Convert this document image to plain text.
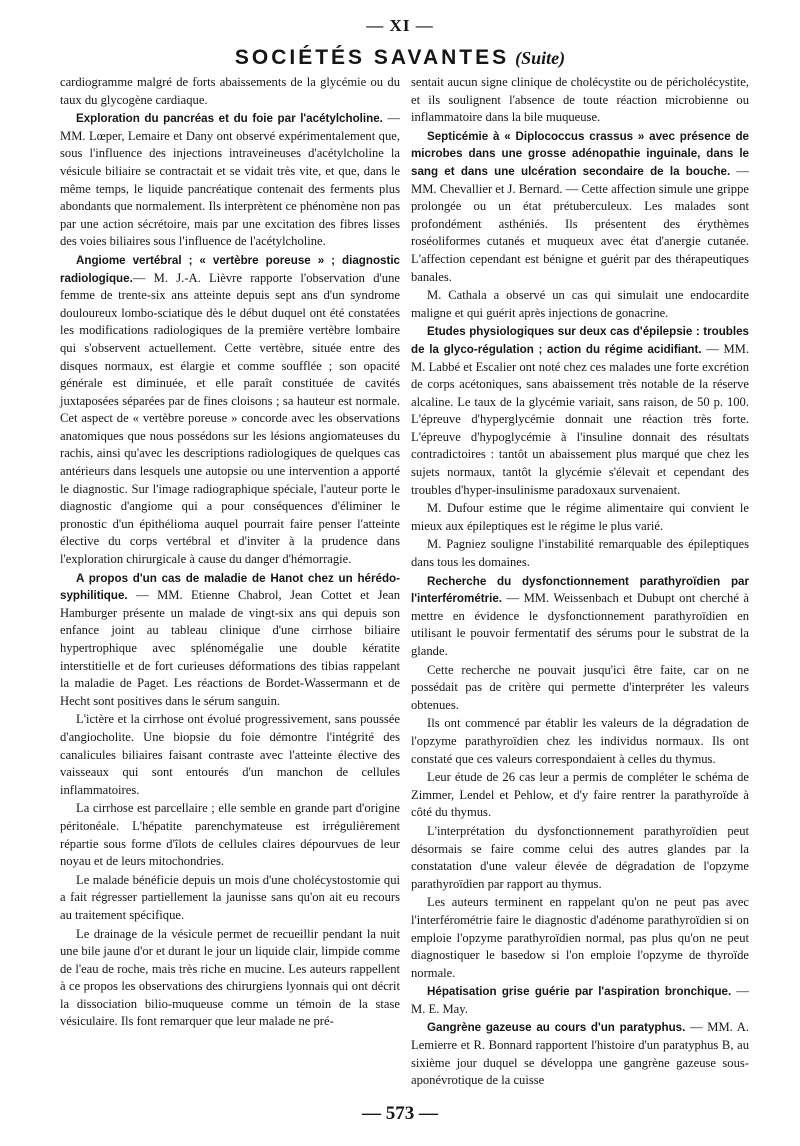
— XI —
SOCIÉTÉS SAVANTES (Suite)

cardiogramme malgré de forts abaissements de la glycémie ou du taux du glycogène cardiaque.

Exploration du pancréas et du foie par l'acétylcholine. — MM. Lœper, Lemaire et Dany ont observé expérimentalement que, sous l'influence des injections intraveineuses d'acétylcholine la vésicule biliaire se contractait et se vidait très vite, et que, dans le même temps, le liquide pancréatique contenait des ferments plus abondants que normalement. Ils interprètent ce phénomène non pas par une action sécrétoire, mais par une excitation des fibres lisses des voies biliaires sous l'influence de l'acétylcholine.

Angiome vertébral ; « vertèbre poreuse » ; diagnostic radiologique.— M. J.-A. Lièvre rapporte l'observation d'une femme de trente-six ans atteinte depuis sept ans d'un syndrome douloureux lombo-sciatique dès le début duquel ont été constatées les modifications radiologiques de la première vertèbre lombaire qui s'observent actuellement. Cette vertèbre, située entre des disques normaux, est élargie et comme soufflée ; son opacité générale est diminuée, et elle paraît constituée de cavités juxtaposées séparées par de fines cloisons ; sa hauteur est normale. Cet aspect de « vertèbre poreuse » concorde avec les observations anatomiques que nous possédons sur les lésions angiomateuses du rachis, ainsi qu'avec les descriptions radiologiques de quelques cas antérieurs dans lesquels une autopsie ou une intervention a apporté le diagnostic. Sur l'image radiographique spéciale, l'auteur porte le diagnostic d'angiome qui a pour conséquences d'éliminer le pronostic d'un épithélioma auquel pourrait faire penser l'atteinte élective du corps vertébral et d'inviter à la prudence dans l'exploration chirurgicale à cause du danger d'hémorragie.

A propos d'un cas de maladie de Hanot chez un hérédo-syphilitique. — MM. Etienne Chabrol, Jean Cottet et Jean Hamburger présente un malade de vingt-six ans qui depuis son enfance joint au tableau clinique d'une cirrhose biliaire hypertrophique avec splénomégalie une double kératite interstitielle et de fort curieuses déformations des tibias rappelant la maladie de Paget. Les réactions de Bordet-Wassermann et de Hecht sont positives dans le sérum sanguin.

L'ictère et la cirrhose ont évolué progressivement, sans poussée d'angiocholite. Une biopsie du foie démontre l'intégrité des canalicules biliaires faisant contraste avec l'atteinte élective des vaisseaux qui sont entourés d'un manchon de cellules inflammatoires.

La cirrhose est parcellaire ; elle semble en grande part d'origine péritonéale. L'hépatite parenchymateuse est irrégulièrement répartie sous forme d'îlots de cellules claires dépourvues de leur noyau et de leurs mitochondries.

Le malade bénéficie depuis un mois d'une cholécystostomie qui a fait régresser partiellement la jaunisse sans qu'on ait eu recours au traitement spécifique.

Le drainage de la vésicule permet de recueillir pendant la nuit une bile jaune d'or et durant le jour un liquide clair, limpide comme de l'eau de roche, mais très riche en mucine. Les auteurs rappellent à ce propos les observations des chirurgiens lyonnais qui ont décrit la dissociation bilio-muqueuse comme un témoin de la stase vésiculaire. Ils font remarquer que leur malade ne pré-

sentait aucun signe clinique de cholécystite ou de péricholécystite, et ils soulignent l'absence de toute réaction microbienne ou inflammatoire dans la bile muqueuse.

Septicémie à « Diplococcus crassus » avec présence de microbes dans une grosse adénopathie inguinale, dans le sang et dans une ulcération secondaire de la bouche. — MM. Chevallier et J. Bernard. — Cette affection simule une grippe prolongée ou un état prétuberculeux. Les malades sont profondément asthéniés. Ils présentent des érythèmes roséoliformes cutanés et muqueux avec état d'anergie cutanée. L'affection cependant est bénigne et guérit par des thérapeutiques banales.

M. Cathala a observé un cas qui simulait une endocardite maligne et qui guérit après injections de gonacrine.

Etudes physiologiques sur deux cas d'épilepsie : troubles de la glyco-régulation ; action du régime acidifiant. — MM. M. Labbé et Escalier ont noté chez ces malades une forte excrétion de corps acétoniques, sans abaissement très notable de la réserve alcaline. Le taux de la glycémie variait, sans raison, de 50 p. 100. L'épreuve d'hyperglycémie donnait une réaction très forte. L'épreuve d'hypoglycémie à l'insuline donnait des résultats contradictoires : tantôt un abaissement plus marqué que chez les sujets normaux, tantôt la glycémie s'élevait et cependant des troubles d'hyper-insulinisme paradoxaux survenaient.

M. Dufour estime que le régime alimentaire qui convient le mieux aux épileptiques est le régime le plus varié.

M. Pagniez souligne l'instabilité remarquable des épileptiques dans tous les domaines.

Recherche du dysfonctionnement parathyroïdien par l'interférométrie. — MM. Weissenbach et Dubupt ont cherché à mettre en évidence le dysfonctionnement parathyroïdien en utilisant le pouvoir fermentatif des sérums pour le substrat de la glande.

Cette recherche ne pouvait jusqu'ici être faite, car on ne possédait pas de critère qui permette d'interpréter les valeurs obtenues.

Ils ont commencé par établir les valeurs de la dégradation de l'opzyme parathyroïdien chez les individus normaux. Ils ont constaté que ces valeurs correspondaient à celles du thymus.

Leur étude de 26 cas leur a permis de compléter le schéma de Zimmer, Lendel et Pehlow, et d'y faire rentrer la parathyroïde à côté du thymus.

L'interprétation du dysfonctionnement parathyroïdien peut désormais se faire comme celui des autres glandes par la constatation d'une valeur élevée de dégradation de l'opzyme parathyroïdien par rapport au thymus.

Les auteurs terminent en rappelant qu'on ne peut pas avec l'interférométrie faire le diagnostic d'adénome parathyroïdien si on emploie l'opzyme parathyroïdien normal, pas plus qu'on ne peut diagnostiquer le basedow si l'on emploie l'opzyme de thyroïde normale.

Hépatisation grise guérie par l'aspiration bronchique. — M. E. May.

Gangrène gazeuse au cours d'un paratyphus. — MM. A. Lemierre et R. Bonnard rapportent l'histoire d'un paratyphus B, au sixième jour duquel se développa une gangrène gazeuse sous-aponévrotique de la cuisse

— 573 —
